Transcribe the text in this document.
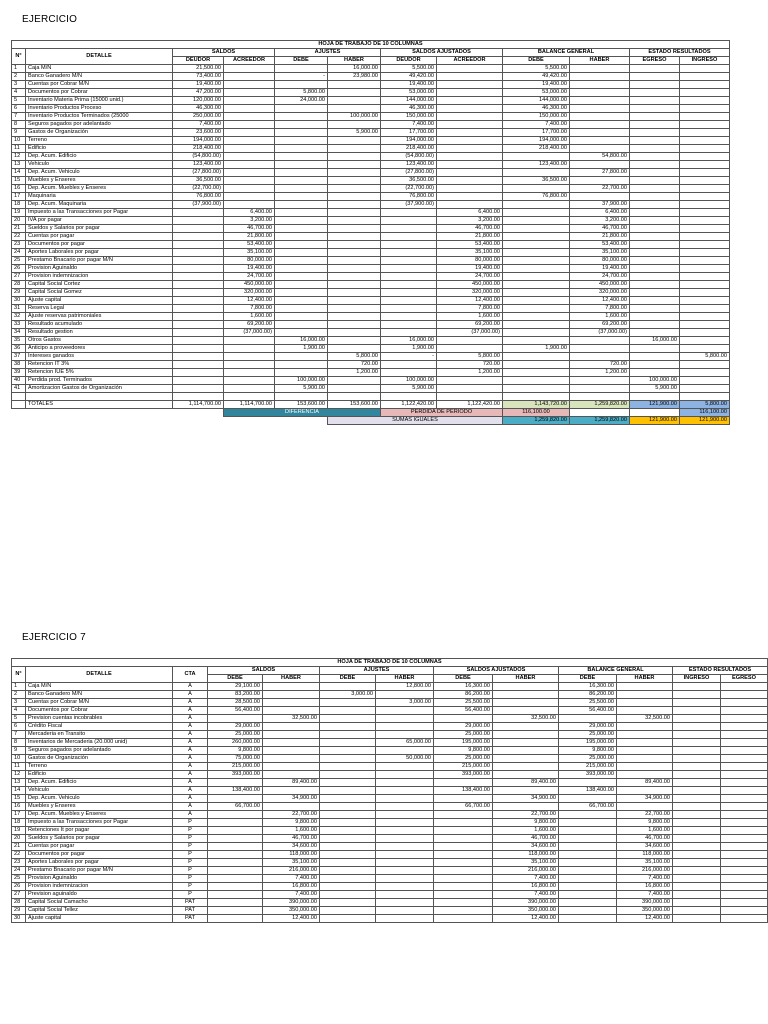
EJERCICIO
HOJA DE TRABAJO DE 10 COLUMNAS											
N°	DETALLE	SALDOS		AJUSTES		SALDOS AJUSTADOS		BALANCE GENERAL		ESTADO RESULTADOS	
		DEUDOR	ACREEDOR	DEBE	HABER	DEUDOR	ACREEDOR	DEBE	HABER	EGRESO	INGRESO
1	Caja M/N	21,500.00			16,000.00	5,500.00		5,500.00			
2	Banco Ganadero M/N	73,400.00		-	23,980.00	49,420.00		49,420.00			
3	Cuentas por Cobrar M/N	19,400.00				19,400.00		19,400.00			
4	Documentos por Cobrar	47,200.00		5,800.00		53,000.00		53,000.00			
5	Inventario Materia Prima (15000 unid.)	120,000.00		24,000.00		144,000.00		144,000.00			
6	Inventario Productos Proceso	46,300.00				46,300.00		46,300.00			
7	Inventario Productos Terminados (25000	250,000.00			100,000.00	150,000.00		150,000.00			
8	Seguros pagados por adelantado	7,400.00				7,400.00		7,400.00			
9	Gastos de Organización	23,600.00			5,900.00	17,700.00		17,700.00			
10	Terreno	194,000.00				194,000.00		194,000.00			
11	Edificio	218,400.00				218,400.00		218,400.00			
12	Dep. Acum. Edificio	(54,800.00)				(54,800.00)			54,800.00		
13	Vehiculo	123,400.00				123,400.00		123,400.00			
14	Dep. Acum. Vehiculo	(27,800.00)				(27,800.00)			27,800.00		
15	Muebles y Enseres	36,500.00				36,500.00		36,500.00			
16	Dep. Acum. Muebles y Enseres	(22,700.00)				(22,700.00)			22,700.00		
17	Maquinaria	76,800.00				76,800.00		76,800.00			
18	Dep. Acum. Maquinaria	(37,900.00)				(37,900.00)			37,900.00		
19	Impuesto a las Transacciones por Pagar		6,400.00				6,400.00		6,400.00		
20	IVA por pagar		3,200.00				3,200.00		3,200.00		
21	Sueldos y Salarios por pagar		46,700.00				46,700.00		46,700.00		
22	Cuentas por pagar		21,800.00				21,800.00		21,800.00		
23	Documentos por pagar		53,400.00				53,400.00		53,400.00		
24	Aportes Laborales por pagar		35,100.00				35,100.00		35,100.00		
25	Prestamo Bnacario por pagar M/N		80,000.00				80,000.00		80,000.00		
26	Provision Aguinaldo		19,400.00				19,400.00		19,400.00		
27	Provision indemnizacion		24,700.00				24,700.00		24,700.00		
28	Capital Social Cortez		450,000.00				450,000.00		450,000.00		
29	Capital Social Gomez		320,000.00				320,000.00		320,000.00		
30	Ajuste capital		12,400.00				12,400.00		12,400.00		
31	Reserva Legal		7,800.00				7,800.00		7,800.00		
32	Ajuste reservas patrimoniales		1,600.00				1,600.00		1,600.00		
33	Resultado acumulado		69,200.00				69,200.00		69,200.00		
34	Resultado gestion		(37,000.00)				(37,000.00)		(37,000.00)		
35	Otros Gastos			16,000.00		16,000.00				16,000.00	
36	Anticipo a proveedores			1,900.00		1,900.00		1,900.00			
37	Intereses ganados				5,800.00	-	5,800.00				5,800.00
38	Retencion IT 3%				720.00		720.00		720.00		
39	Retencion IUE 5%				1,200.00		1,200.00		1,200.00		
40	Perdida prod. Terminados			100,000.00		100,000.00				100,000.00	
41	Amortizacion Gastos de Organización			5,900.00		5,900.00				5,900.00	

	TOTALES	1,114,700.00	1,114,700.00	153,600.00	153,600.00	1,122,420.00	1,122,420.00	1,143,720.00	1,259,820.00	121,900.00	5,800.00
			DIFERENCIA			PERDIDA DE PERIODO		116,100.00			116,100.00
					SUMAS IGUALES			1,259,820.00	1,259,820.00	121,900.00	121,900.00
EJERCICIO 7
HOJA DE TRABAJO DE 10 COLUMNAS												
N°	DETALLE	CTA	SALDOS		AJUSTES		SALDOS AJUSTADOS		BALANCE GENERAL		ESTADO RESULTADOS	
			DEBE	HABER	DEBE	HABER	DEBE	HABER	DEBE	HABER	INGRESO	EGRESO
1	Caja M/N	A	29,100.00			12,800.00	16,300.00		16,300.00			
2	Banco Ganadero M/N	A	83,200.00		3,000.00		86,200.00		86,200.00			
3	Cuentas por Cobrar M/N	A	28,500.00			3,000.00	25,500.00		25,500.00			
4	Documentos por Cobrar	A	56,400.00				56,400.00		56,400.00			
5	Prevision cuentas incobrables	A		32,500.00				32,500.00		32,500.00		
6	Crédito Fiscal	A	29,000.00				29,000.00		29,000.00			
7	Mercaderia en Transito	A	25,000.00				25,000.00		25,000.00			
8	Inventarios de Mercaderia (20.000 unid)	A	260,000.00			65,000.00	195,000.00		195,000.00			
9	Seguros pagados por adelantado	A	9,800.00				9,800.00		9,800.00			
10	Gastos de Organización	A	75,000.00			50,000.00	25,000.00		25,000.00			
11	Terreno	A	215,000.00				215,000.00		215,000.00			
12	Edificio	A	393,000.00				393,000.00		393,000.00			
13	Dep. Acum. Edificio	A		89,400.00				89,400.00		89,400.00		
14	Vehiculo	A	138,400.00				138,400.00		138,400.00			
15	Dep. Acum. Vehiculo	A		34,900.00				34,900.00		34,900.00		
16	Muebles y Enseres	A	66,700.00				66,700.00		66,700.00			
17	Dep. Acum. Muebles y Enseres	A		22,700.00				22,700.00		22,700.00		
18	Impuesto a las Transacciones por Pagar	P		9,800.00				9,800.00		9,800.00		
19	Retenciones It por pagar	P		1,600.00				1,600.00		1,600.00		
20	Sueldos y Salarios por pagar	P		46,700.00				46,700.00		46,700.00		
21	Cuentas por pagar	P		34,600.00				34,600.00		34,600.00		
22	Documentos por pagar	P		118,000.00				118,000.00		118,000.00		
23	Aportes Laborales por pagar	P		35,100.00				35,100.00		35,100.00		
24	Prestamo Bnacario por pagar M/N	P		216,000.00				216,000.00		216,000.00		
25	Provision Aguinaldo	P		7,400.00				7,400.00		7,400.00		
26	Provision indemnizacion	P		16,800.00				16,800.00		16,800.00		
27	Prevision aguinaldo	P		7,400.00				7,400.00		7,400.00		
28	Capital Social Camacho	PAT		390,000.00				390,000.00		390,000.00		
29	Capital Social Tellez	PAT		350,000.00				350,000.00		350,000.00		
30	Ajuste capital	PAT		12,400.00				12,400.00		12,400.00		
